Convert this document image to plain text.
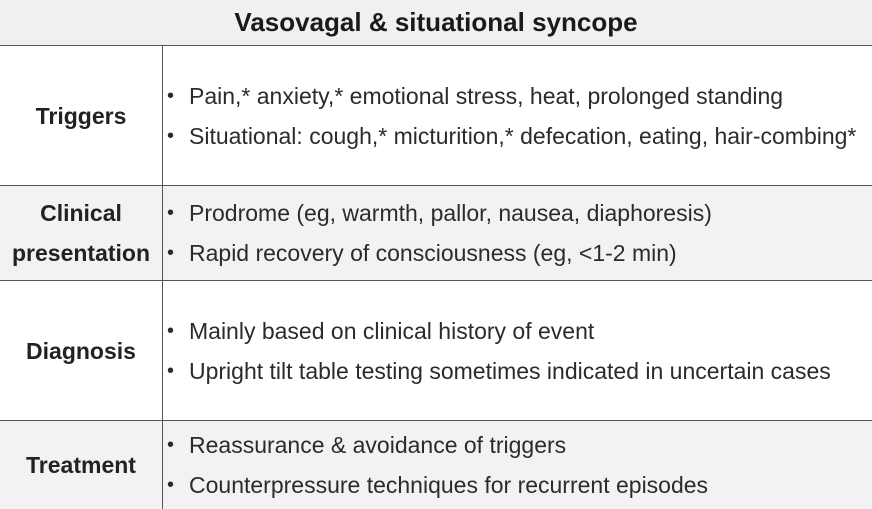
Vasovagal & situational syncope
Triggers
• Pain,* anxiety,* emotional stress, heat, prolonged standing
• Situational: cough,* micturition,* defecation, eating, hair-combing*
Clinical
presentation
• Prodrome (eg, warmth, pallor, nausea, diaphoresis)
• Rapid recovery of consciousness (eg, <1-2 min)
Diagnosis
• Mainly based on clinical history of event
• Upright tilt table testing sometimes indicated in uncertain cases
Treatment
• Reassurance & avoidance of triggers
• Counterpressure techniques for recurrent episodes
